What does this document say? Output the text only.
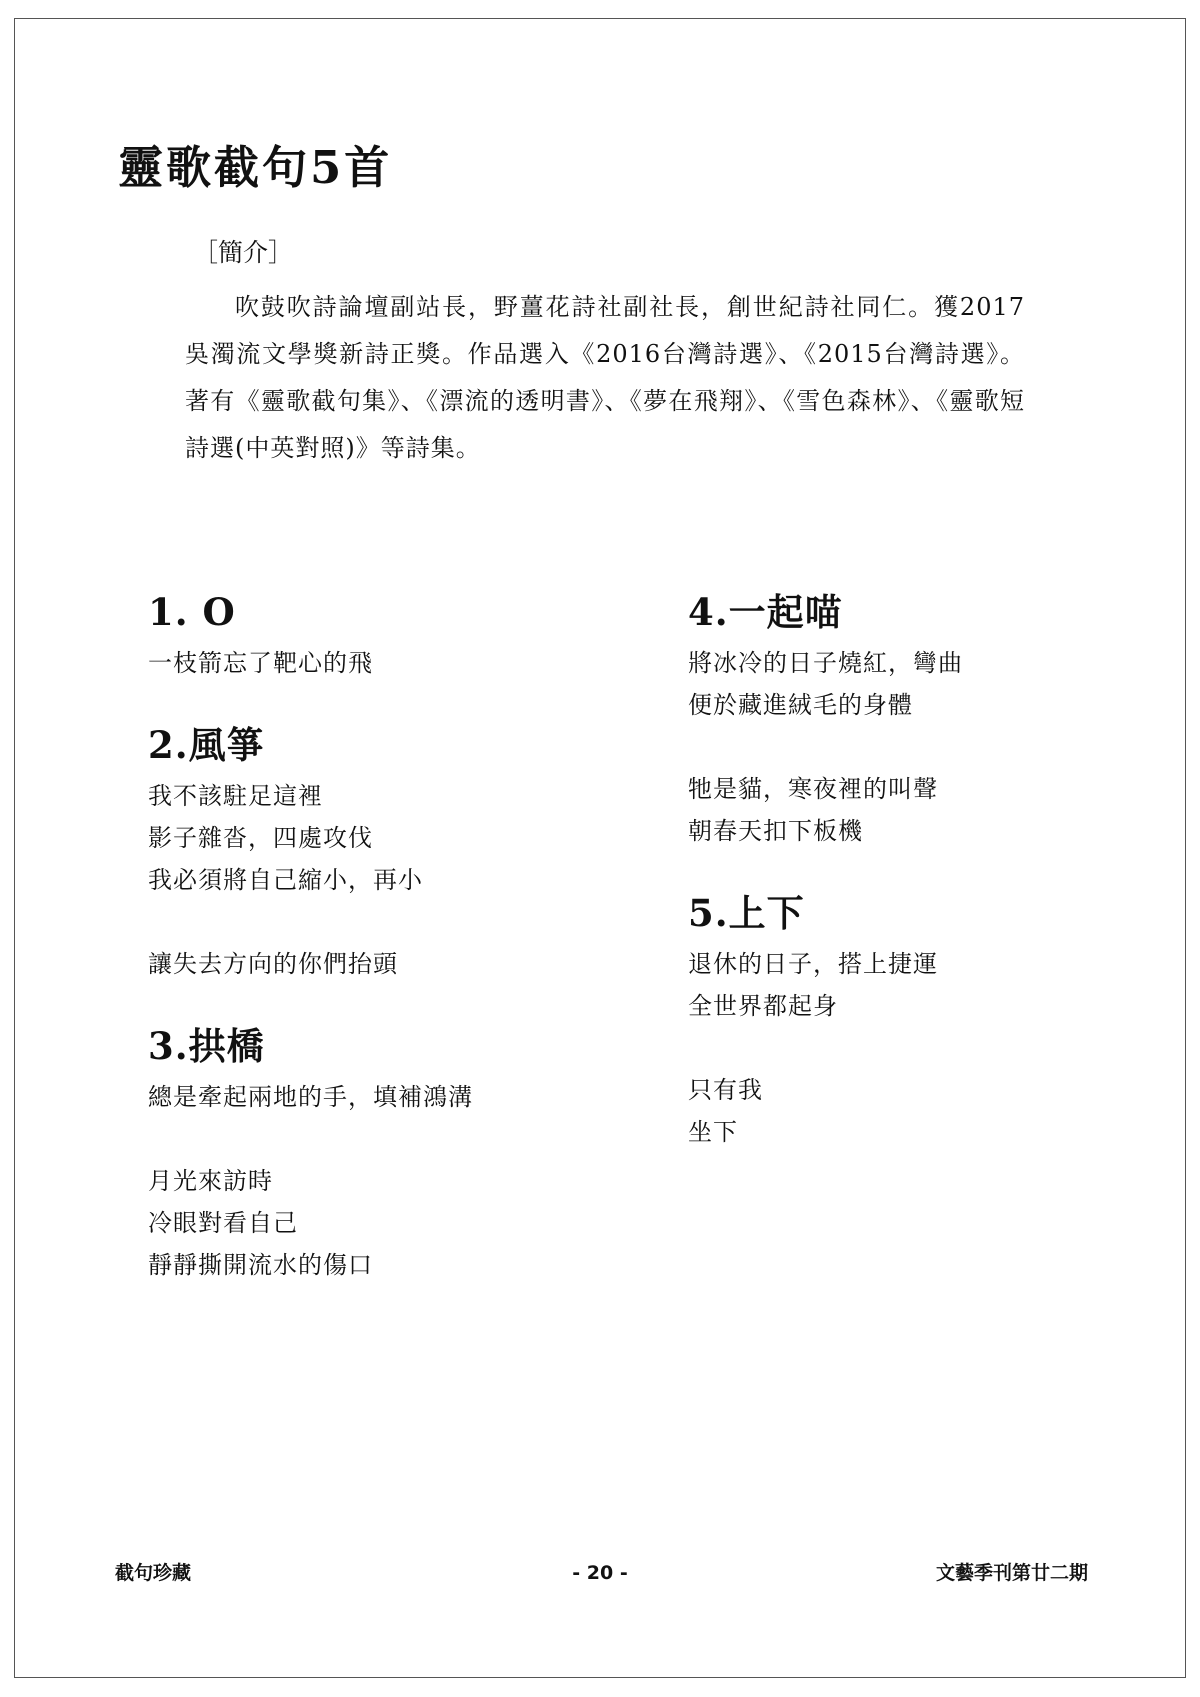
靈歌截句5首
［簡介］

吹鼓吹詩論壇副站長，野薑花詩社副社長，創世紀詩社同仁。獲2017吳濁流文學獎新詩正獎。作品選入《2016台灣詩選》、《2015台灣詩選》。著有《靈歌截句集》、《漂流的透明書》、《夢在飛翔》、《雪色森林》、《靈歌短詩選(中英對照)》等詩集。

1. O
一枝箭忘了靶心的飛
2.風箏
我不該駐足這裡
影子雜沓，四處攻伐
我必須將自己縮小，再小
讓失去方向的你們抬頭
3.拱橋
總是牽起兩地的手，填補鴻溝
月光來訪時
冷眼對看自己
靜靜撕開流水的傷口
4.一起喵
將冰冷的日子燒紅，彎曲
便於藏進絨毛的身體
牠是貓，寒夜裡的叫聲
朝春天扣下板機
5.上下
退休的日子，搭上捷運
全世界都起身
只有我
坐下
截句珍藏	- 20 -	文藝季刊第廿二期
